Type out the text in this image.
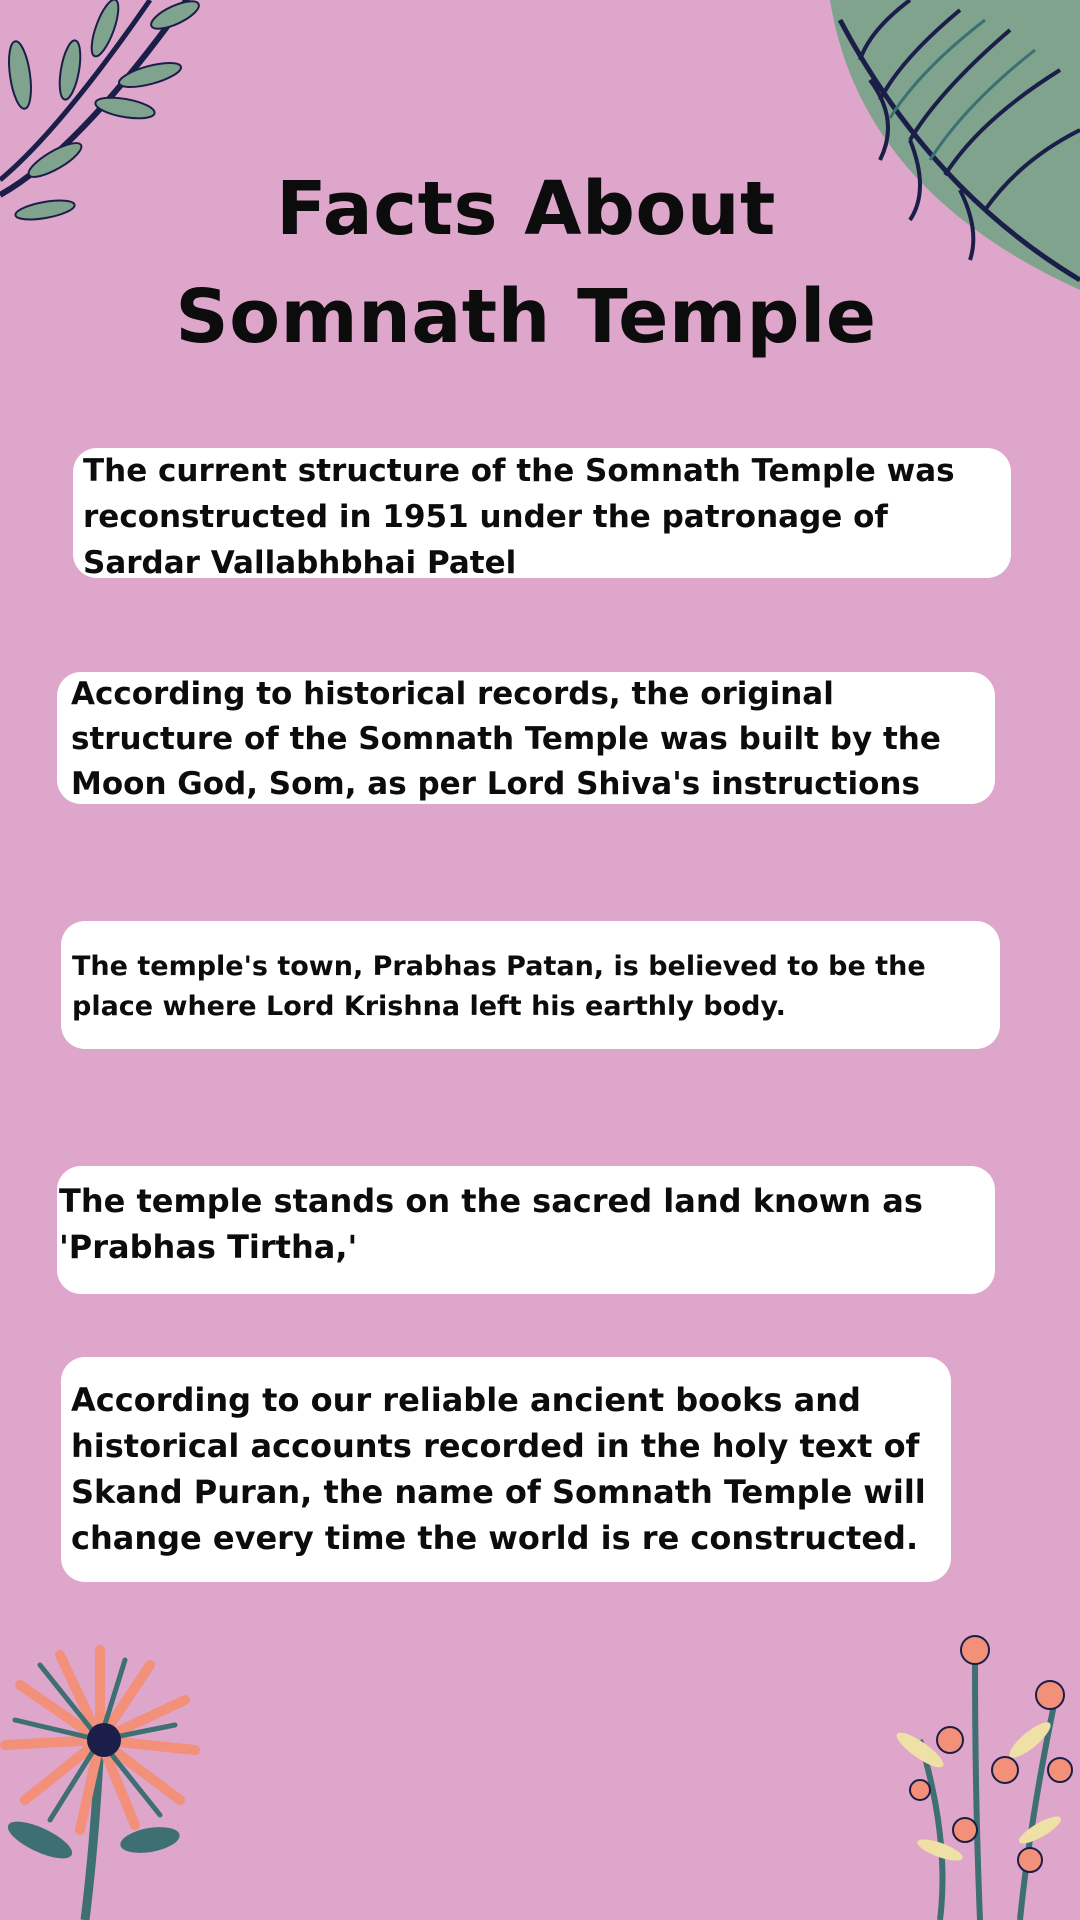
Facts About
Somnath Temple

The current structure of the Somnath Temple was reconstructed in 1951 under the patronage of Sardar Vallabhbhai Patel

According to historical records, the original structure of the Somnath Temple was built by the Moon God, Som, as per Lord Shiva's instructions

The temple's town, Prabhas Patan, is believed to be the place where Lord Krishna left his earthly body.

The temple stands on the sacred land known as 'Prabhas Tirtha,'

According to our reliable ancient books and historical accounts recorded in the holy text of Skand Puran, the name of Somnath Temple will change every time the world is re constructed.
